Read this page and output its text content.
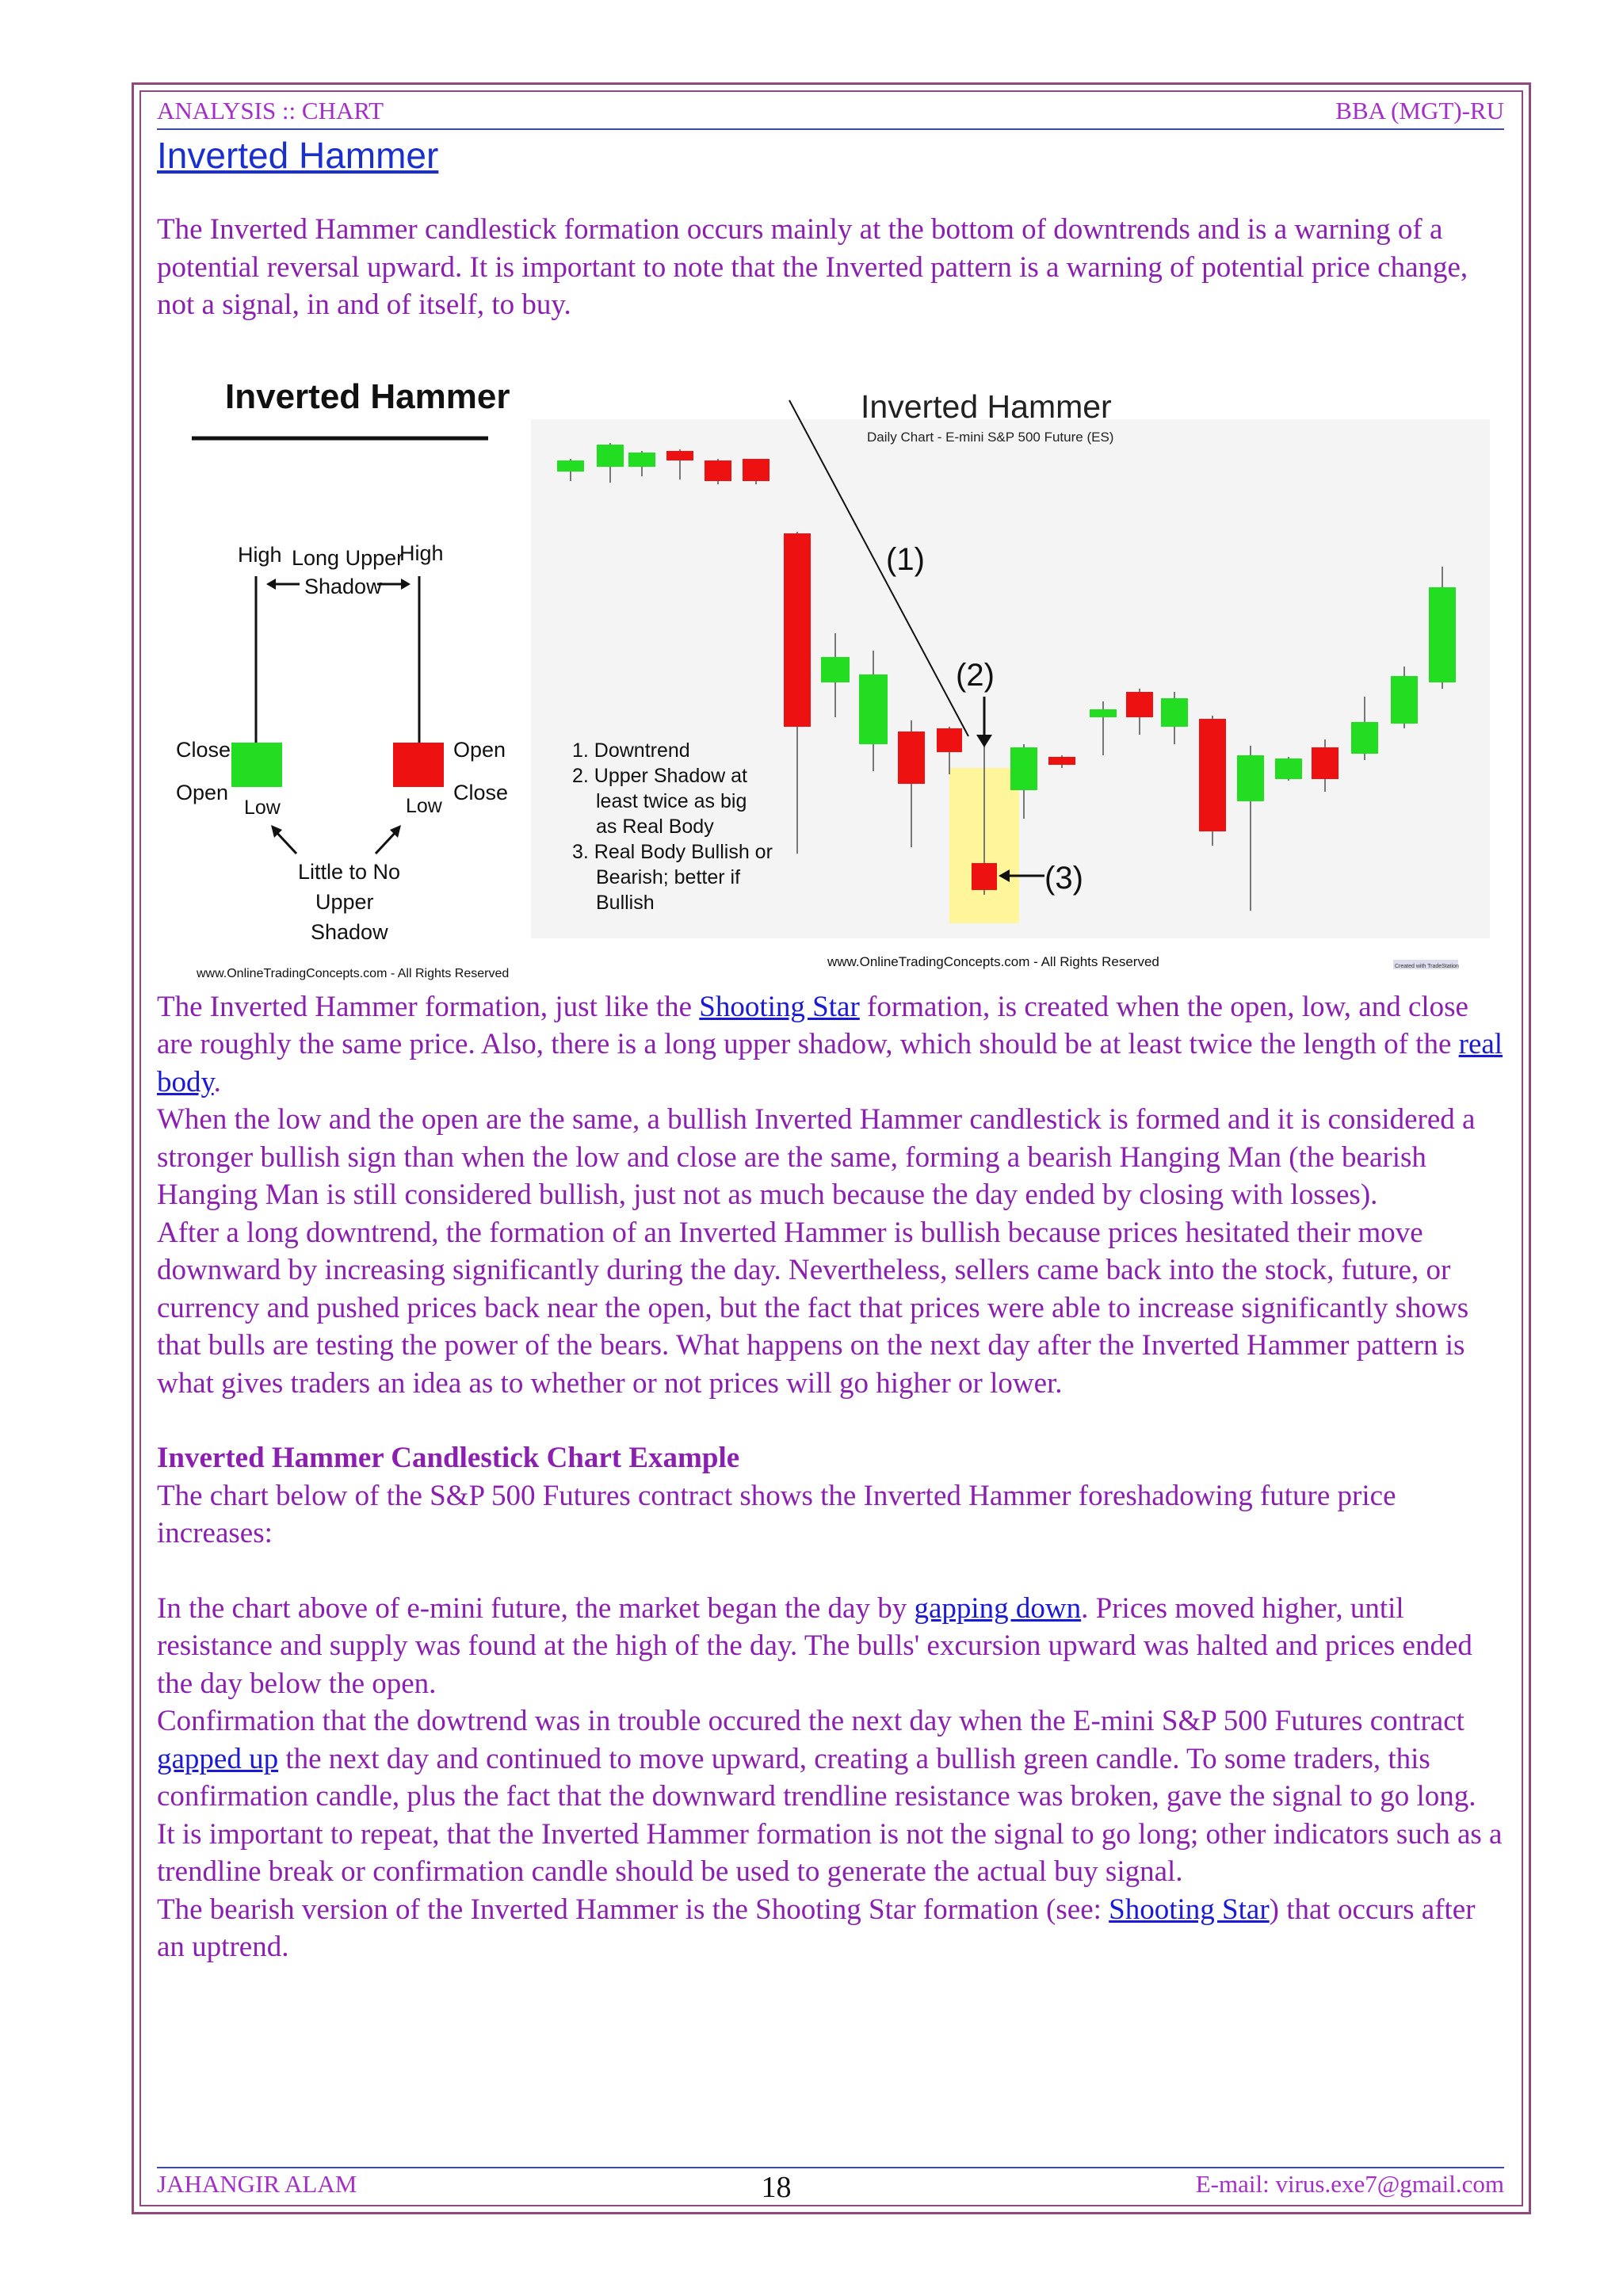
ANALYSIS :: CHART	BBA (MGT)-RU
Inverted Hammer

The Inverted Hammer candlestick formation occurs mainly at the bottom of downtrends and is a warning of a potential reversal upward. It is important to note that the Inverted pattern is a warning of potential price change, not a signal, in and of itself, to buy.

Inverted Hammer
High	High
Long Upper
Shadow
Close
Open
Low
Open
Close
Low
Little to No
Upper
Shadow
www.OnlineTradingConcepts.com - All Rights Reserved
Inverted Hammer
Daily Chart - E-mini S&P 500 Future (ES)
(1)
(2)
(3)
1. Downtrend
2. Upper Shadow at
least twice as big
as Real Body
3. Real Body Bullish or
Bearish; better if
Bullish
www.OnlineTradingConcepts.com - All Rights Reserved	Created with TradeStation

The Inverted Hammer formation, just like the Shooting Star formation, is created when the open, low, and close are roughly the same price. Also, there is a long upper shadow, which should be at least twice the length of the real body.

When the low and the open are the same, a bullish Inverted Hammer candlestick is formed and it is considered a stronger bullish sign than when the low and close are the same, forming a bearish Hanging Man (the bearish Hanging Man is still considered bullish, just not as much because the day ended by closing with losses).

After a long downtrend, the formation of an Inverted Hammer is bullish because prices hesitated their move downward by increasing significantly during the day. Nevertheless, sellers came back into the stock, future, or currency and pushed prices back near the open, but the fact that prices were able to increase significantly shows that bulls are testing the power of the bears. What happens on the next day after the Inverted Hammer pattern is what gives traders an idea as to whether or not prices will go higher or lower.

Inverted Hammer Candlestick Chart Example

The chart below of the S&P 500 Futures contract shows the Inverted Hammer foreshadowing future price increases:

In the chart above of e-mini future, the market began the day by gapping down. Prices moved higher, until resistance and supply was found at the high of the day. The bulls' excursion upward was halted and prices ended the day below the open.

Confirmation that the dowtrend was in trouble occured the next day when the E-mini S&P 500 Futures contract gapped up the next day and continued to move upward, creating a bullish green candle. To some traders, this confirmation candle, plus the fact that the downward trendline resistance was broken, gave the signal to go long.

It is important to repeat, that the Inverted Hammer formation is not the signal to go long; other indicators such as a trendline break or confirmation candle should be used to generate the actual buy signal.

The bearish version of the Inverted Hammer is the Shooting Star formation (see: Shooting Star) that occurs after an uptrend.

JAHANGIR ALAM	18	E-mail: virus.exe7@gmail.com
